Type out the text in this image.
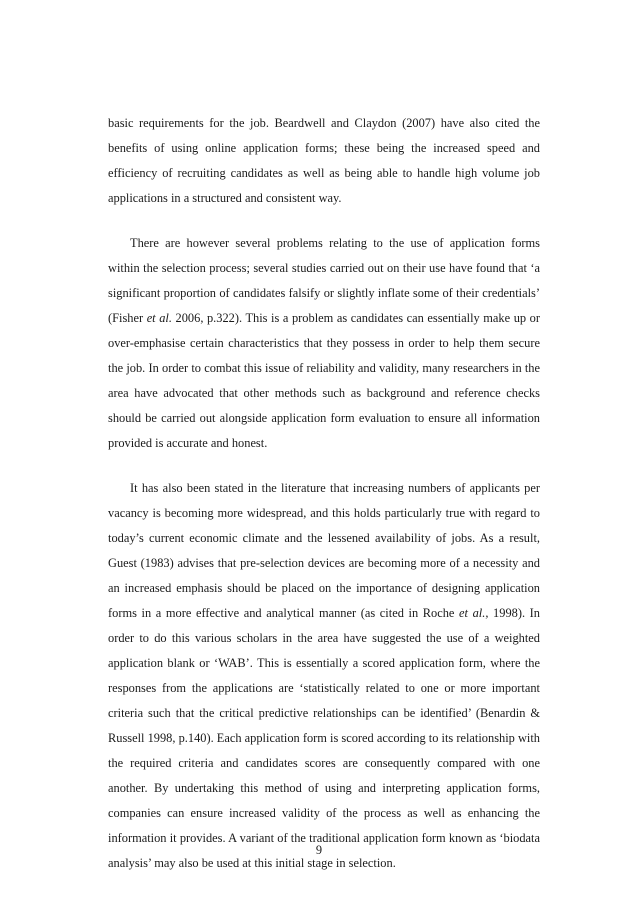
basic requirements for the job. Beardwell and Claydon (2007) have also cited the benefits of using online application forms; these being the increased speed and efficiency of recruiting candidates as well as being able to handle high volume job applications in a structured and consistent way.

There are however several problems relating to the use of application forms within the selection process; several studies carried out on their use have found that ‘a significant proportion of candidates falsify or slightly inflate some of their credentials’ (Fisher et al. 2006, p.322). This is a problem as candidates can essentially make up or over-emphasise certain characteristics that they possess in order to help them secure the job. In order to combat this issue of reliability and validity, many researchers in the area have advocated that other methods such as background and reference checks should be carried out alongside application form evaluation to ensure all information provided is accurate and honest.

It has also been stated in the literature that increasing numbers of applicants per vacancy is becoming more widespread, and this holds particularly true with regard to today’s current economic climate and the lessened availability of jobs. As a result, Guest (1983) advises that pre-selection devices are becoming more of a necessity and an increased emphasis should be placed on the importance of designing application forms in a more effective and analytical manner (as cited in Roche et al., 1998). In order to do this various scholars in the area have suggested the use of a weighted application blank or ‘WAB’. This is essentially a scored application form, where the responses from the applications are ‘statistically related to one or more important criteria such that the critical predictive relationships can be identified’ (Benardin & Russell 1998, p.140). Each application form is scored according to its relationship with the required criteria and candidates scores are consequently compared with one another. By undertaking this method of using and interpreting application forms, companies can ensure increased validity of the process as well as enhancing the information it provides. A variant of the traditional application form known as ‘biodata analysis’ may also be used at this initial stage in selection.

9
